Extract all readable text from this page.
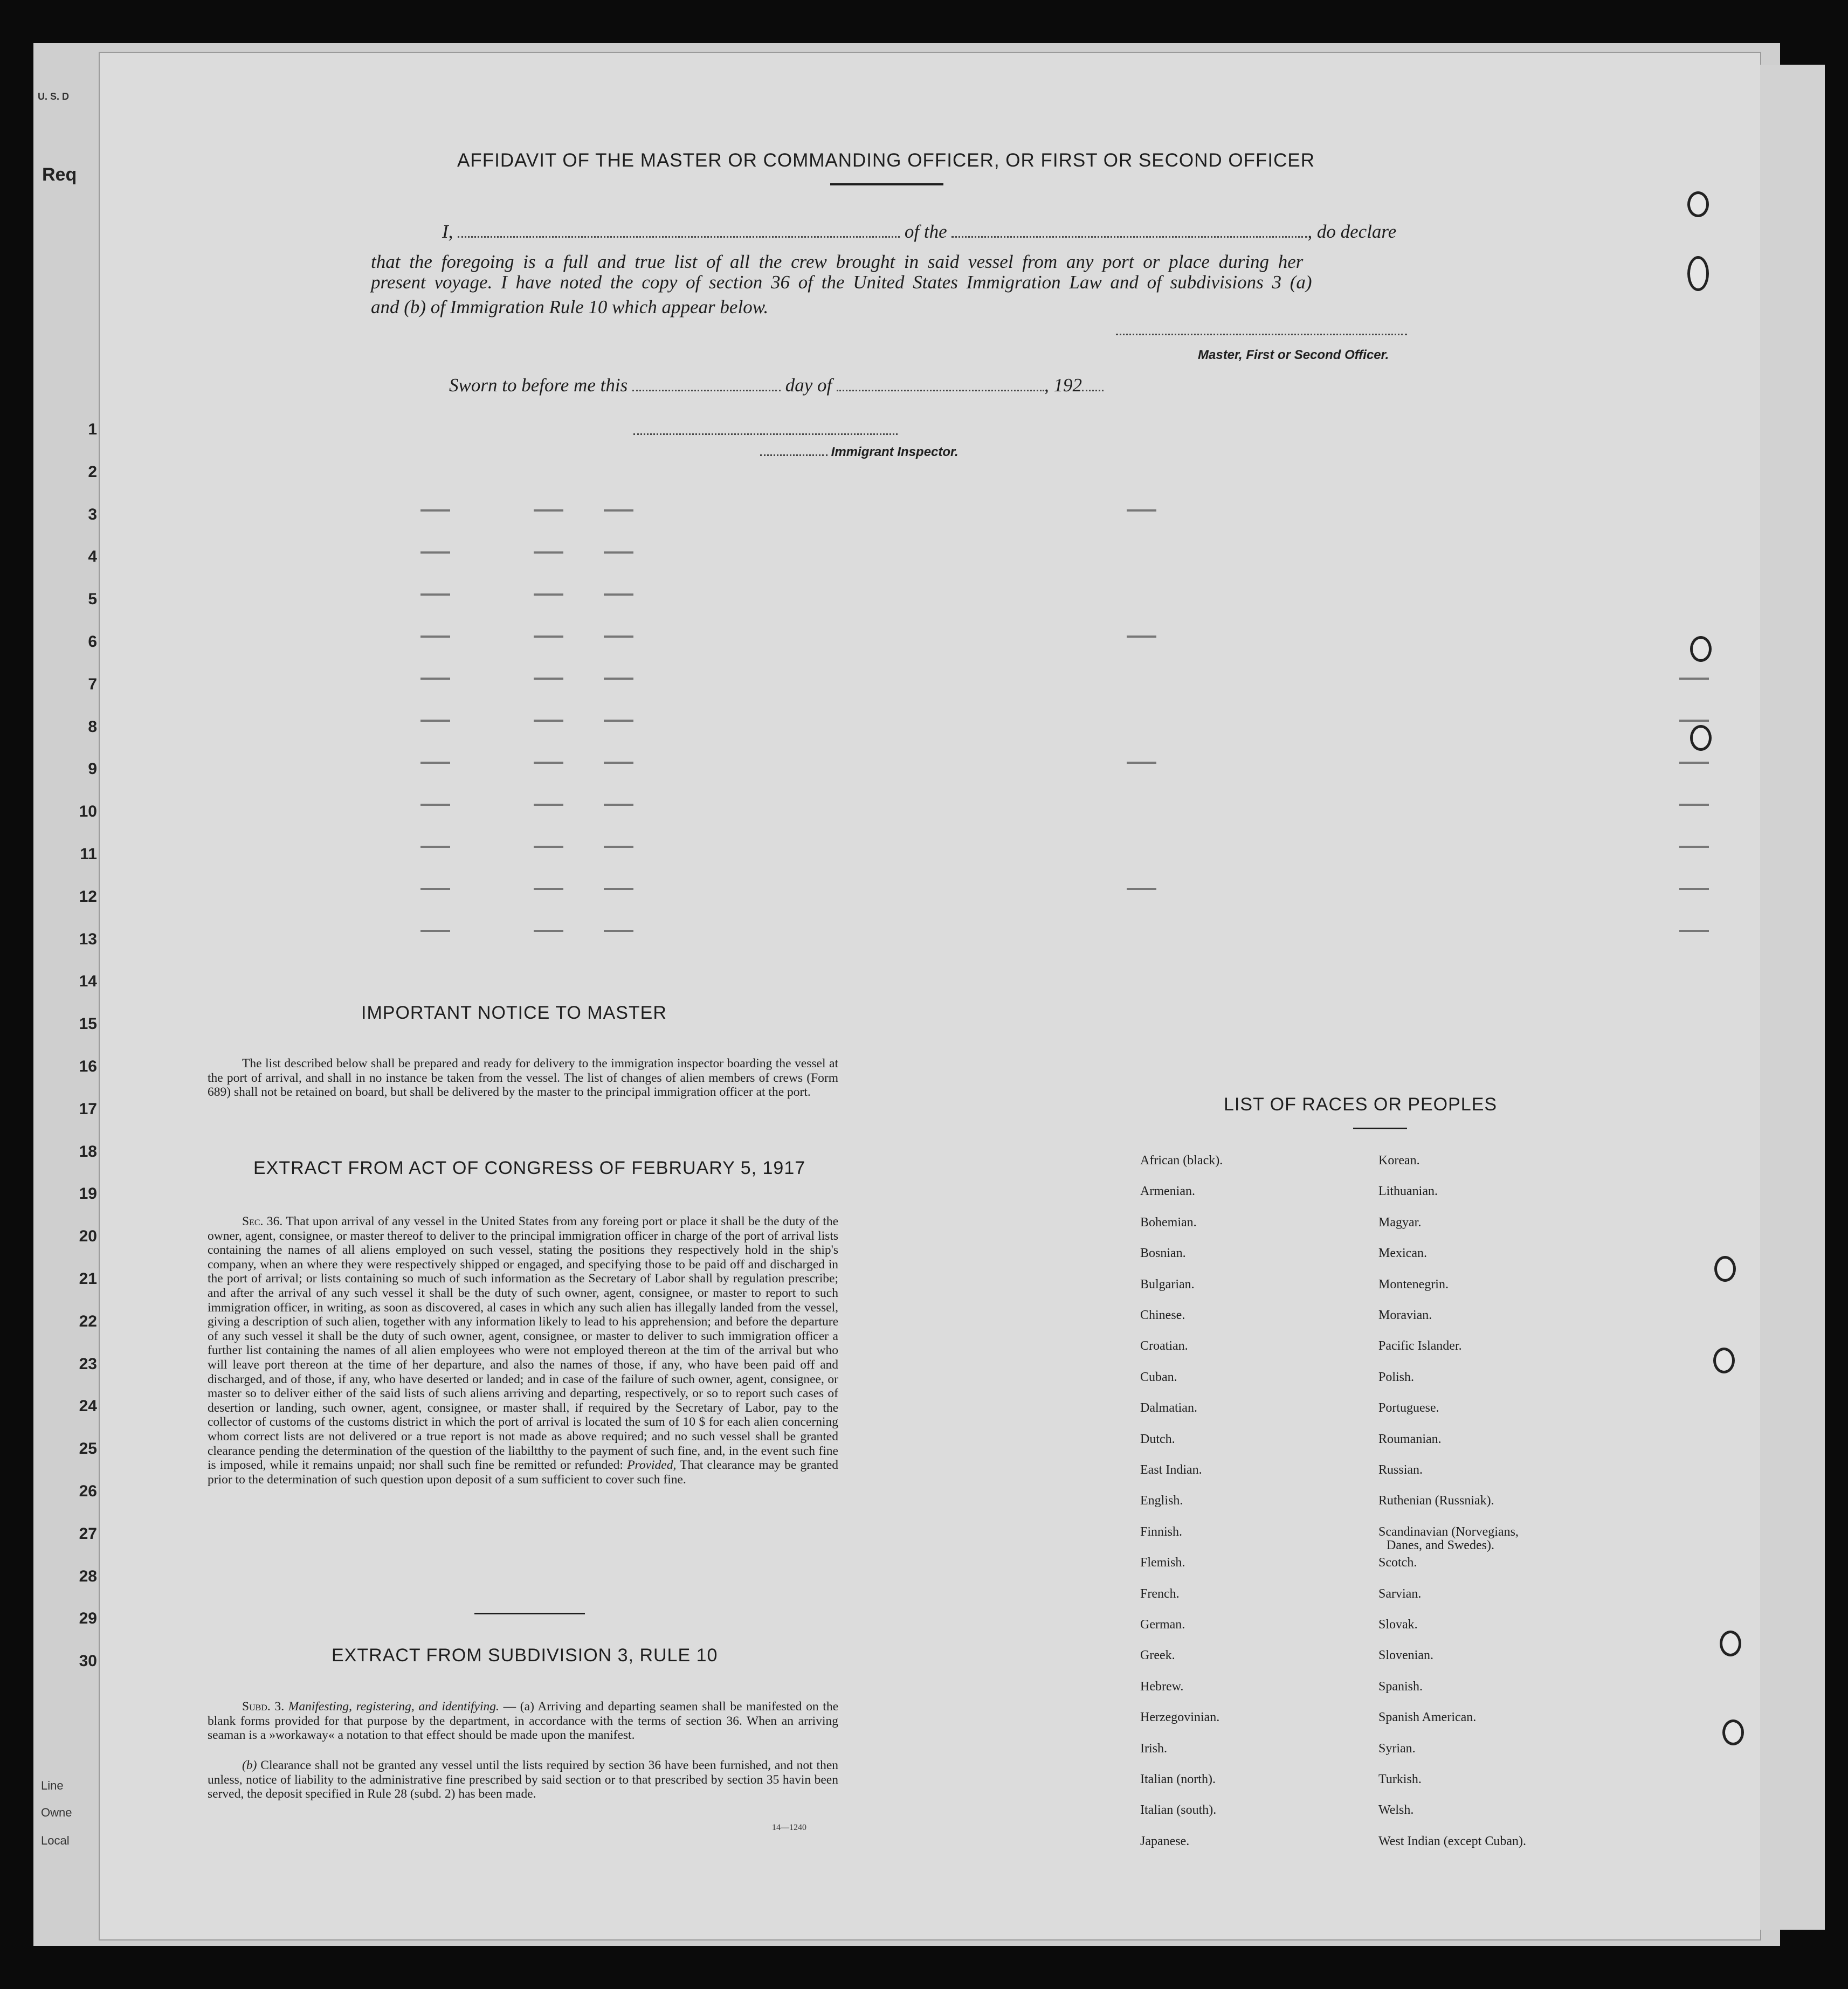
U. S. D
Req
1
2
3
4
5
6
7
8
9
10
11
12
13
14
15
16
17
18
19
20
21
22
23
24
25
26
27
28
29
30
Line
Owne
Local
AFFIDAVIT OF THE MASTER OR COMMANDING OFFICER, OR FIRST OR SECOND OFFICER
I,	of the	, do declare
that the foregoing is a full and true list of all the crew brought in said vessel from any port or place during her
present voyage. I have noted the copy of section 36 of the United States Immigration Law and of subdivisions 3 (a)
and (b) of Immigration Rule 10 which appear below.
Master, First or Second Officer.
Sworn to before me this	day of	, 192
Immigrant Inspector.
IMPORTANT NOTICE TO MASTER
The list described below shall be prepared and ready for delivery to the immigration inspector boarding the vessel at the port of arrival, and shall in no instance be taken from the vessel. The list of changes of alien members of crews (Form 689) shall not be retained on board, but shall be delivered by the master to the principal immigration officer at the port.
EXTRACT FROM ACT OF CONGRESS OF FEBRUARY 5, 1917
Sec. 36. That upon arrival of any vessel in the United States from any foreing port or place it shall be the duty of the owner, agent, consignee, or master thereof to deliver to the principal immigration officer in charge of the port of arrival lists containing the names of all aliens employed on such vessel, stating the positions they respectively hold in the ship's company, when an where they were respectively shipped or engaged, and specifying those to be paid off and discharged in the port of arrival; or lists containing so much of such information as the Secretary of Labor shall by regulation prescribe; and after the arrival of any such vessel it shall be the duty of such owner, agent, consignee, or master to report to such immigration officer, in writing, as soon as discovered, al cases in which any such alien has illegally landed from the vessel, giving a description of such alien, together with any information likely to lead to his apprehension; and before the departure of any such vessel it shall be the duty of such owner, agent, consignee, or master to deliver to such immigration officer a further list containing the names of all alien employees who were not employed thereon at the tim of the arrival but who will leave port thereon at the time of her departure, and also the names of those, if any, who have been paid off and discharged, and of those, if any, who have deserted or landed; and in case of the failure of such owner, agent, consignee, or master so to deliver either of the said lists of such aliens arriving and departing, respectively, or so to report such cases of desertion or landing, such owner, agent, consignee, or master shall, if required by the Secretary of Labor, pay to the collector of customs of the customs district in which the port of arrival is located the sum of 10 $ for each alien concerning whom correct lists are not delivered or a true report is not made as above required; and no such vessel shall be granted clearance pending the determination of the question of the liabiltthy to the payment of such fine, and, in the event such fine is imposed, while it remains unpaid; nor shall such fine be remitted or refunded: Provided, That clearance may be granted prior to the determination of such question upon deposit of a sum sufficient to cover such fine.
EXTRACT FROM SUBDIVISION 3, RULE 10
Subd. 3. Manifesting, registering, and identifying. — (a) Arriving and departing seamen shall be manifested on the blank forms provided for that purpose by the department, in accordance with the terms of section 36. When an arriving seaman is a »workaway« a notation to that effect should be made upon the manifest.
(b) Clearance shall not be granted any vessel until the lists required by section 36 have been furnished, and not then unless, notice of liability to the administrative fine prescribed by said section or to that prescribed by section 35 havin been served, the deposit specified in Rule 28 (subd. 2) has been made.
14—1240
LIST OF RACES OR PEOPLES
African (black).
Armenian.
Bohemian.
Bosnian.
Bulgarian.
Chinese.
Croatian.
Cuban.
Dalmatian.
Dutch.
East Indian.
English.
Finnish.
Flemish.
French.
German.
Greek.
Hebrew.
Herzegovinian.
Irish.
Italian (north).
Italian (south).
Japanese.
Korean.
Lithuanian.
Magyar.
Mexican.
Montenegrin.
Moravian.
Pacific Islander.
Polish.
Portuguese.
Roumanian.
Russian.
Ruthenian (Russniak).
Scandinavian (Norvegians,
Danes, and Swedes).
Scotch.
Sarvian.
Slovak.
Slovenian.
Spanish.
Spanish American.
Syrian.
Turkish.
Welsh.
West Indian (except Cuban).
